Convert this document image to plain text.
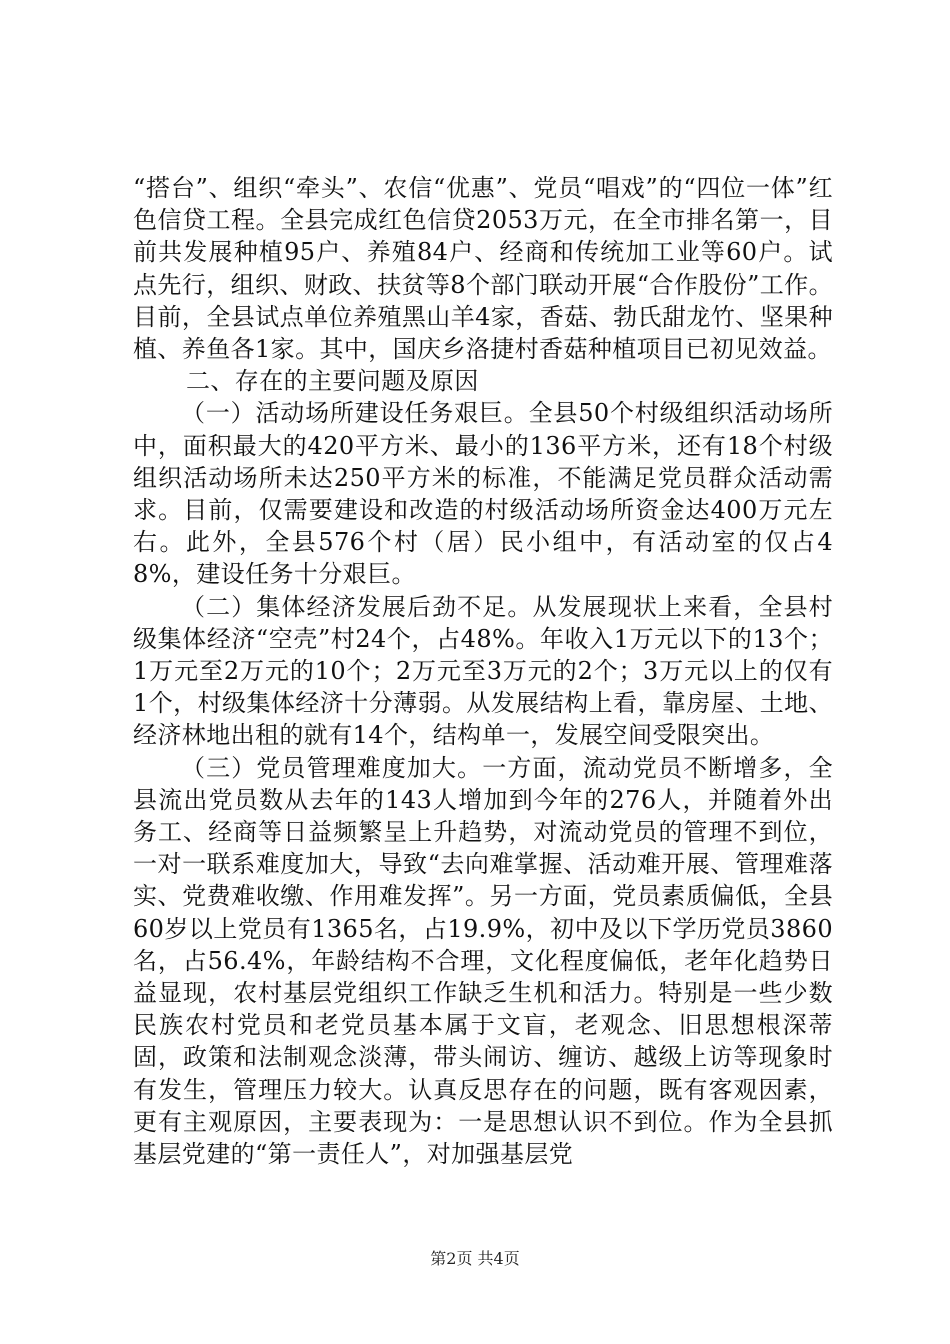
“搭台”、组织“牵头”、农信“优惠”、党员“唱戏”的“四位一体”红色信贷工程。全县完成红色信贷2053万元，在全市排名第一，目前共发展种植95户、养殖84户、经商和传统加工业等60户。试点先行，组织、财政、扶贫等8个部门联动开展“合作股份”工作。目前，全县试点单位养殖黑山羊4家，香菇、勃氏甜龙竹、坚果种植、养鱼各1家。其中，国庆乡洛捷村香菇种植项目已初见效益。

二、存在的主要问题及原因

（一）活动场所建设任务艰巨。全县50个村级组织活动场所中，面积最大的420平方米、最小的136平方米，还有18个村级组织活动场所未达250平方米的标准，不能满足党员群众活动需求。目前，仅需要建设和改造的村级活动场所资金达400万元左右。此外，全县576个村（居）民小组中，有活动室的仅占48%，建设任务十分艰巨。

（二）集体经济发展后劲不足。从发展现状上来看，全县村级集体经济“空壳”村24个，占48%。年收入1万元以下的13个；1万元至2万元的10个；2万元至3万元的2个；3万元以上的仅有1个，村级集体经济十分薄弱。从发展结构上看，靠房屋、土地、经济林地出租的就有14个，结构单一，发展空间受限突出。

（三）党员管理难度加大。一方面，流动党员不断增多，全县流出党员数从去年的143人增加到今年的276人，并随着外出务工、经商等日益频繁呈上升趋势，对流动党员的管理不到位，一对一联系难度加大，导致“去向难掌握、活动难开展、管理难落实、党费难收缴、作用难发挥”。另一方面，党员素质偏低，全县60岁以上党员有1365名，占19.9%，初中及以下学历党员3860名，占56.4%，年龄结构不合理，文化程度偏低，老年化趋势日益显现，农村基层党组织工作缺乏生机和活力。特别是一些少数民族农村党员和老党员基本属于文盲，老观念、旧思想根深蒂固，政策和法制观念淡薄，带头闹访、缠访、越级上访等现象时有发生，管理压力较大。认真反思存在的问题，既有客观因素，更有主观原因，主要表现为：一是思想认识不到位。作为全县抓基层党建的“第一责任人”，对加强基层党

第2页 共4页
